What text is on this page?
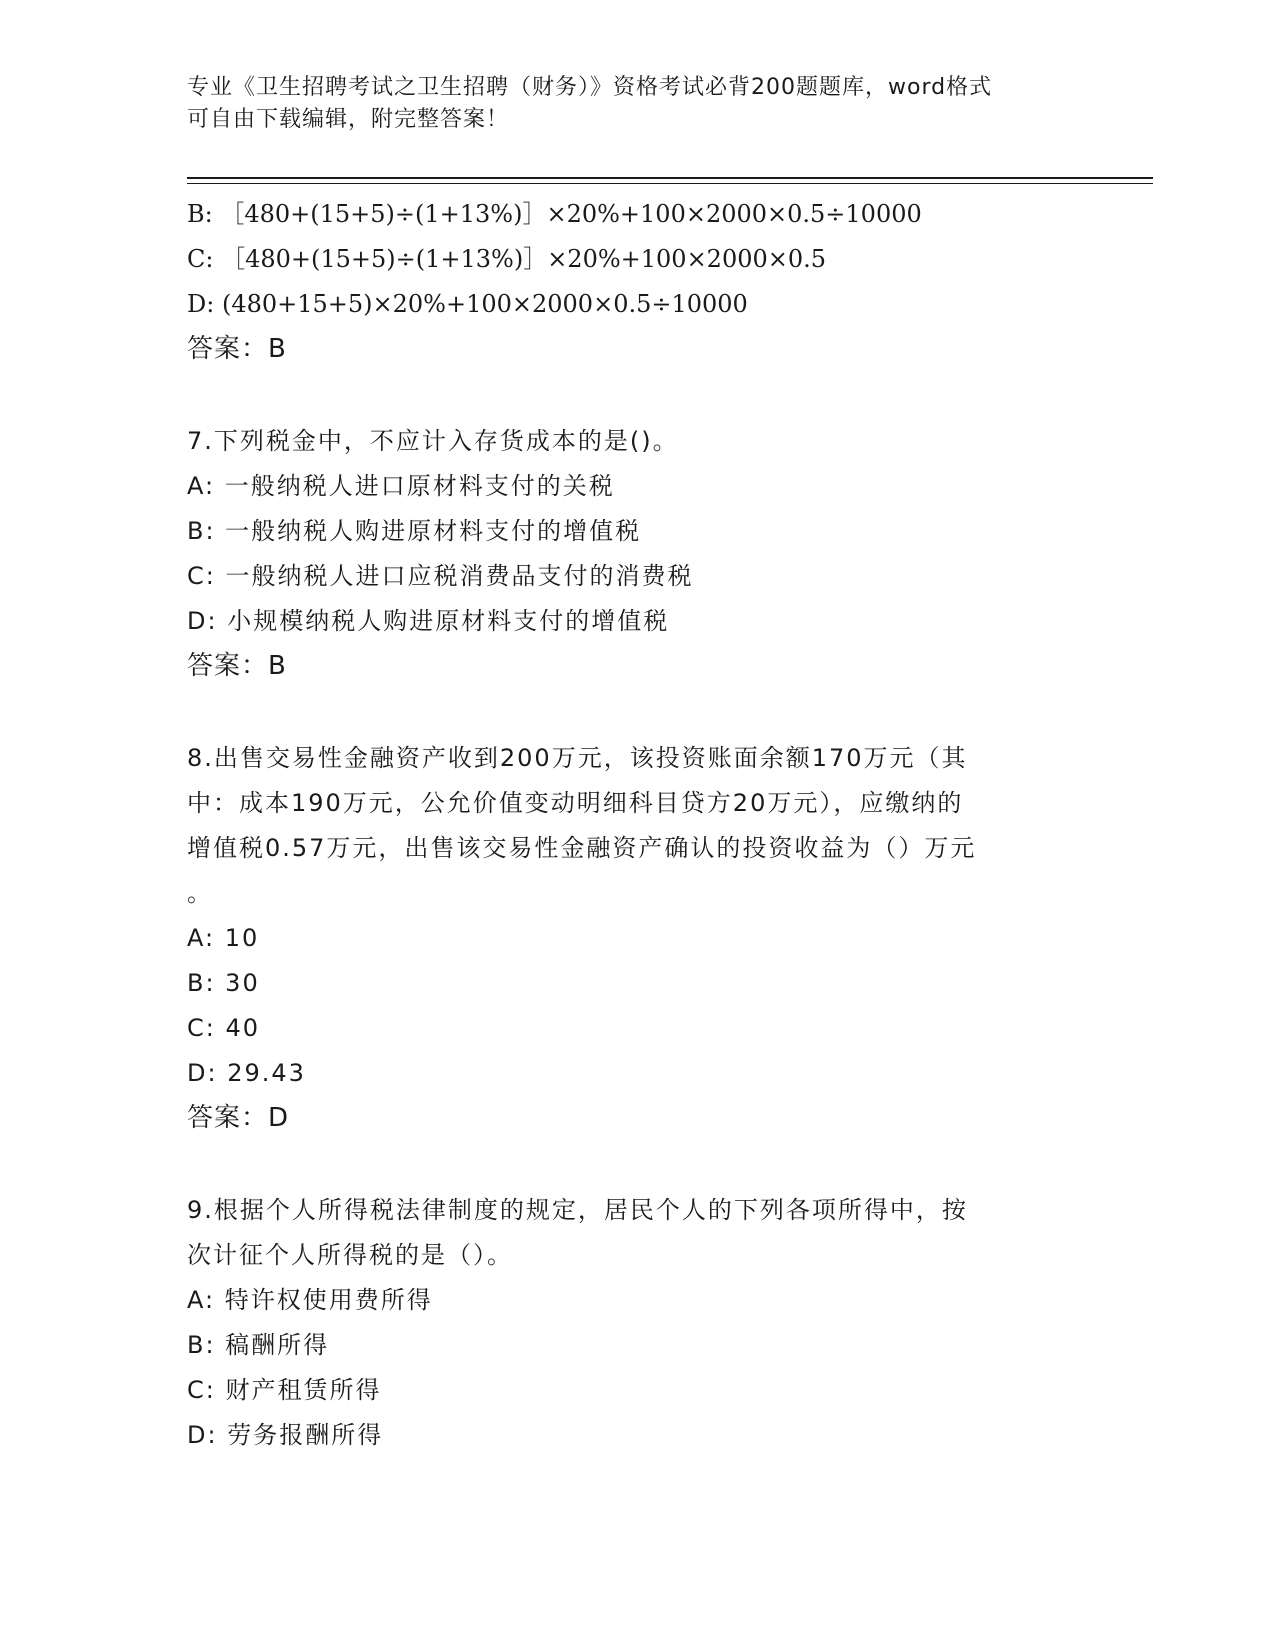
专业《卫生招聘考试之卫生招聘（财务）》资格考试必背200题题库，word格式
可自由下载编辑，附完整答案！
B: ［480+(15+5)÷(1+13%)］×20%+100×2000×0.5÷10000
C: ［480+(15+5)÷(1+13%)］×20%+100×2000×0.5
D: (480+15+5)×20%+100×2000×0.5÷10000
答案：B
7.下列税金中，不应计入存货成本的是()。
A: 一般纳税人进口原材料支付的关税
B: 一般纳税人购进原材料支付的增值税
C: 一般纳税人进口应税消费品支付的消费税
D: 小规模纳税人购进原材料支付的增值税
答案：B
8.出售交易性金融资产收到200万元，该投资账面余额170万元（其
中：成本190万元，公允价值变动明细科目贷方20万元），应缴纳的
增值税0.57万元，出售该交易性金融资产确认的投资收益为（）万元
。
A: 10
B: 30
C: 40
D: 29.43
答案：D
9.根据个人所得税法律制度的规定，居民个人的下列各项所得中，按
次计征个人所得税的是（）。
A: 特许权使用费所得
B: 稿酬所得
C: 财产租赁所得
D: 劳务报酬所得
